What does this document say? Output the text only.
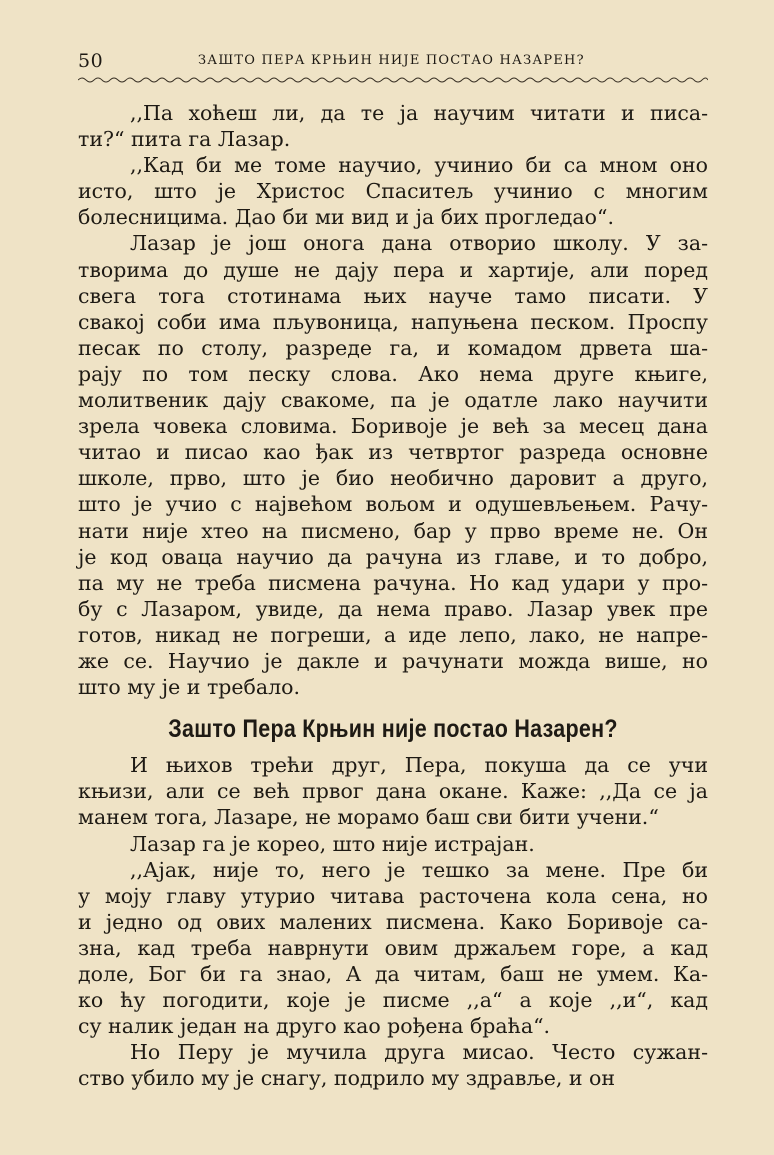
50	ЗАШТО ПЕРА КРЊИН НИЈЕ ПОСТАО НАЗАРЕН?

,,Па хоћеш ли, да те ја научим читати и писа-
ти?“ пита га Лазар.

,,Кад би ме томе научио, учинио би са мном оно
исто, што је Христос Спаситељ учинио с многим
болесницима. Дао би ми вид и ја бих прогледао“.

Лазар је још онога дана отворио школу. У за-
творима до душе не дају пера и хартије, али поред
свега тога стотинама њих науче тамо писати. У
свакој соби има пљувоница, напуњена песком. Проспу
песак по столу, разреде га, и комадом дрвета ша-
рају по том песку слова. Ако нема друге књиге,
молитвеник дају свакоме, па је одатле лако научити
зрела човека словима. Боривоје је већ за месец дана
читао и писао као ђак из четвртог разреда основне
школе, прво, што је био необично даровит а друго,
што је учио с највећом вољом и одушевљењем. Рачу-
нати није хтео на писмено, бар у прво време не. Он
је код оваца научио да рачуна из главе, и то добро,
па му не треба писмена рачуна. Но кад удари у про-
бу с Лазаром, увиде, да нема право. Лазар увек пре
готов, никад не погреши, а иде лепо, лако, не напре-
же се. Научио је дакле и рачунати можда више, но
што му је и требало.

Зашто Пера Крњин није постао Назарен?

И њихов трећи друг, Пера, покуша да се учи
књизи, али се већ првог дана окане. Каже: ,,Да се ја
манем тога, Лазаре, не морамо баш сви бити учени.“

Лазар га је корео, што није истрајан.

,,Ајак, није то, него је тешко за мене. Пре би
у моју главу утурио читава расточена кола сена, но
и једно од ових малених писмена. Како Боривоје са-
зна, кад треба наврнути овим држаљем горе, а кад
доле, Бог би га знао, А да читам, баш не умем. Ка-
ко ћу погодити, које је писме ,,а“ а које ,,и“, кад
су налик један на друго као рођена браћа“.

Но Перу је мучила друга мисао. Често сужан-
ство убило му је снагу, подрило му здравље, и он
